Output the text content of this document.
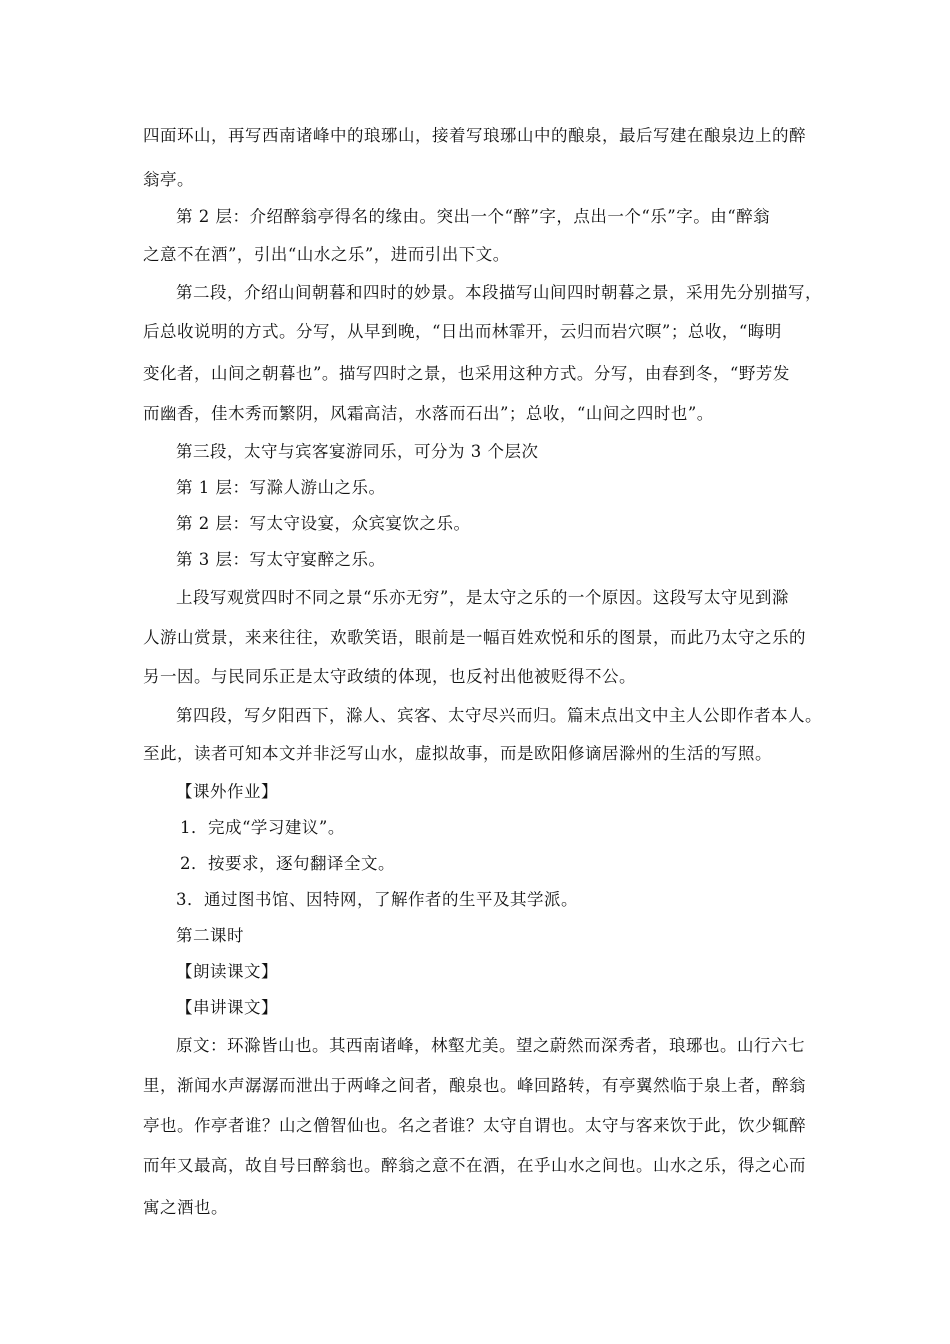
四面环山，再写西南诸峰中的琅琊山，接着写琅琊山中的酿泉，最后写建在酿泉边上的醉
翁亭。
第 2 层：介绍醉翁亭得名的缘由。突出一个“醉”字，点出一个“乐”字。由“醉翁
之意不在酒”，引出“山水之乐”，进而引出下文。
第二段，介绍山间朝暮和四时的妙景。本段描写山间四时朝暮之景，采用先分别描写，
后总收说明的方式。分写，从早到晚，“日出而林霏开，云归而岩穴暝”；总收，“晦明
变化者，山间之朝暮也”。描写四时之景，也采用这种方式。分写，由春到冬，“野芳发
而幽香，佳木秀而繁阴，风霜高洁，水落而石出”；总收，“山间之四时也”。
第三段，太守与宾客宴游同乐，可分为 3 个层次
第 1 层：写滁人游山之乐。
第 2 层：写太守设宴，众宾宴饮之乐。
第 3 层：写太守宴醉之乐。
上段写观赏四时不同之景“乐亦无穷”，是太守之乐的一个原因。这段写太守见到滁
人游山赏景，来来往往，欢歌笑语，眼前是一幅百姓欢悦和乐的图景，而此乃太守之乐的
另一因。与民同乐正是太守政绩的体现，也反衬出他被贬得不公。
第四段，写夕阳西下，滁人、宾客、太守尽兴而归。篇末点出文中主人公即作者本人。
至此，读者可知本文并非泛写山水，虚拟故事，而是欧阳修谪居滁州的生活的写照。
【课外作业】
1．完成“学习建议”。
2．按要求，逐句翻译全文。
3．通过图书馆、因特网，了解作者的生平及其学派。
第二课时
【朗读课文】
【串讲课文】
原文：环滁皆山也。其西南诸峰，林壑尤美。望之蔚然而深秀者，琅琊也。山行六七
里，渐闻水声潺潺而泄出于两峰之间者，酿泉也。峰回路转，有亭翼然临于泉上者，醉翁
亭也。作亭者谁？山之僧智仙也。名之者谁？太守自谓也。太守与客来饮于此，饮少辄醉
而年又最高，故自号曰醉翁也。醉翁之意不在酒，在乎山水之间也。山水之乐，得之心而
寓之酒也。
